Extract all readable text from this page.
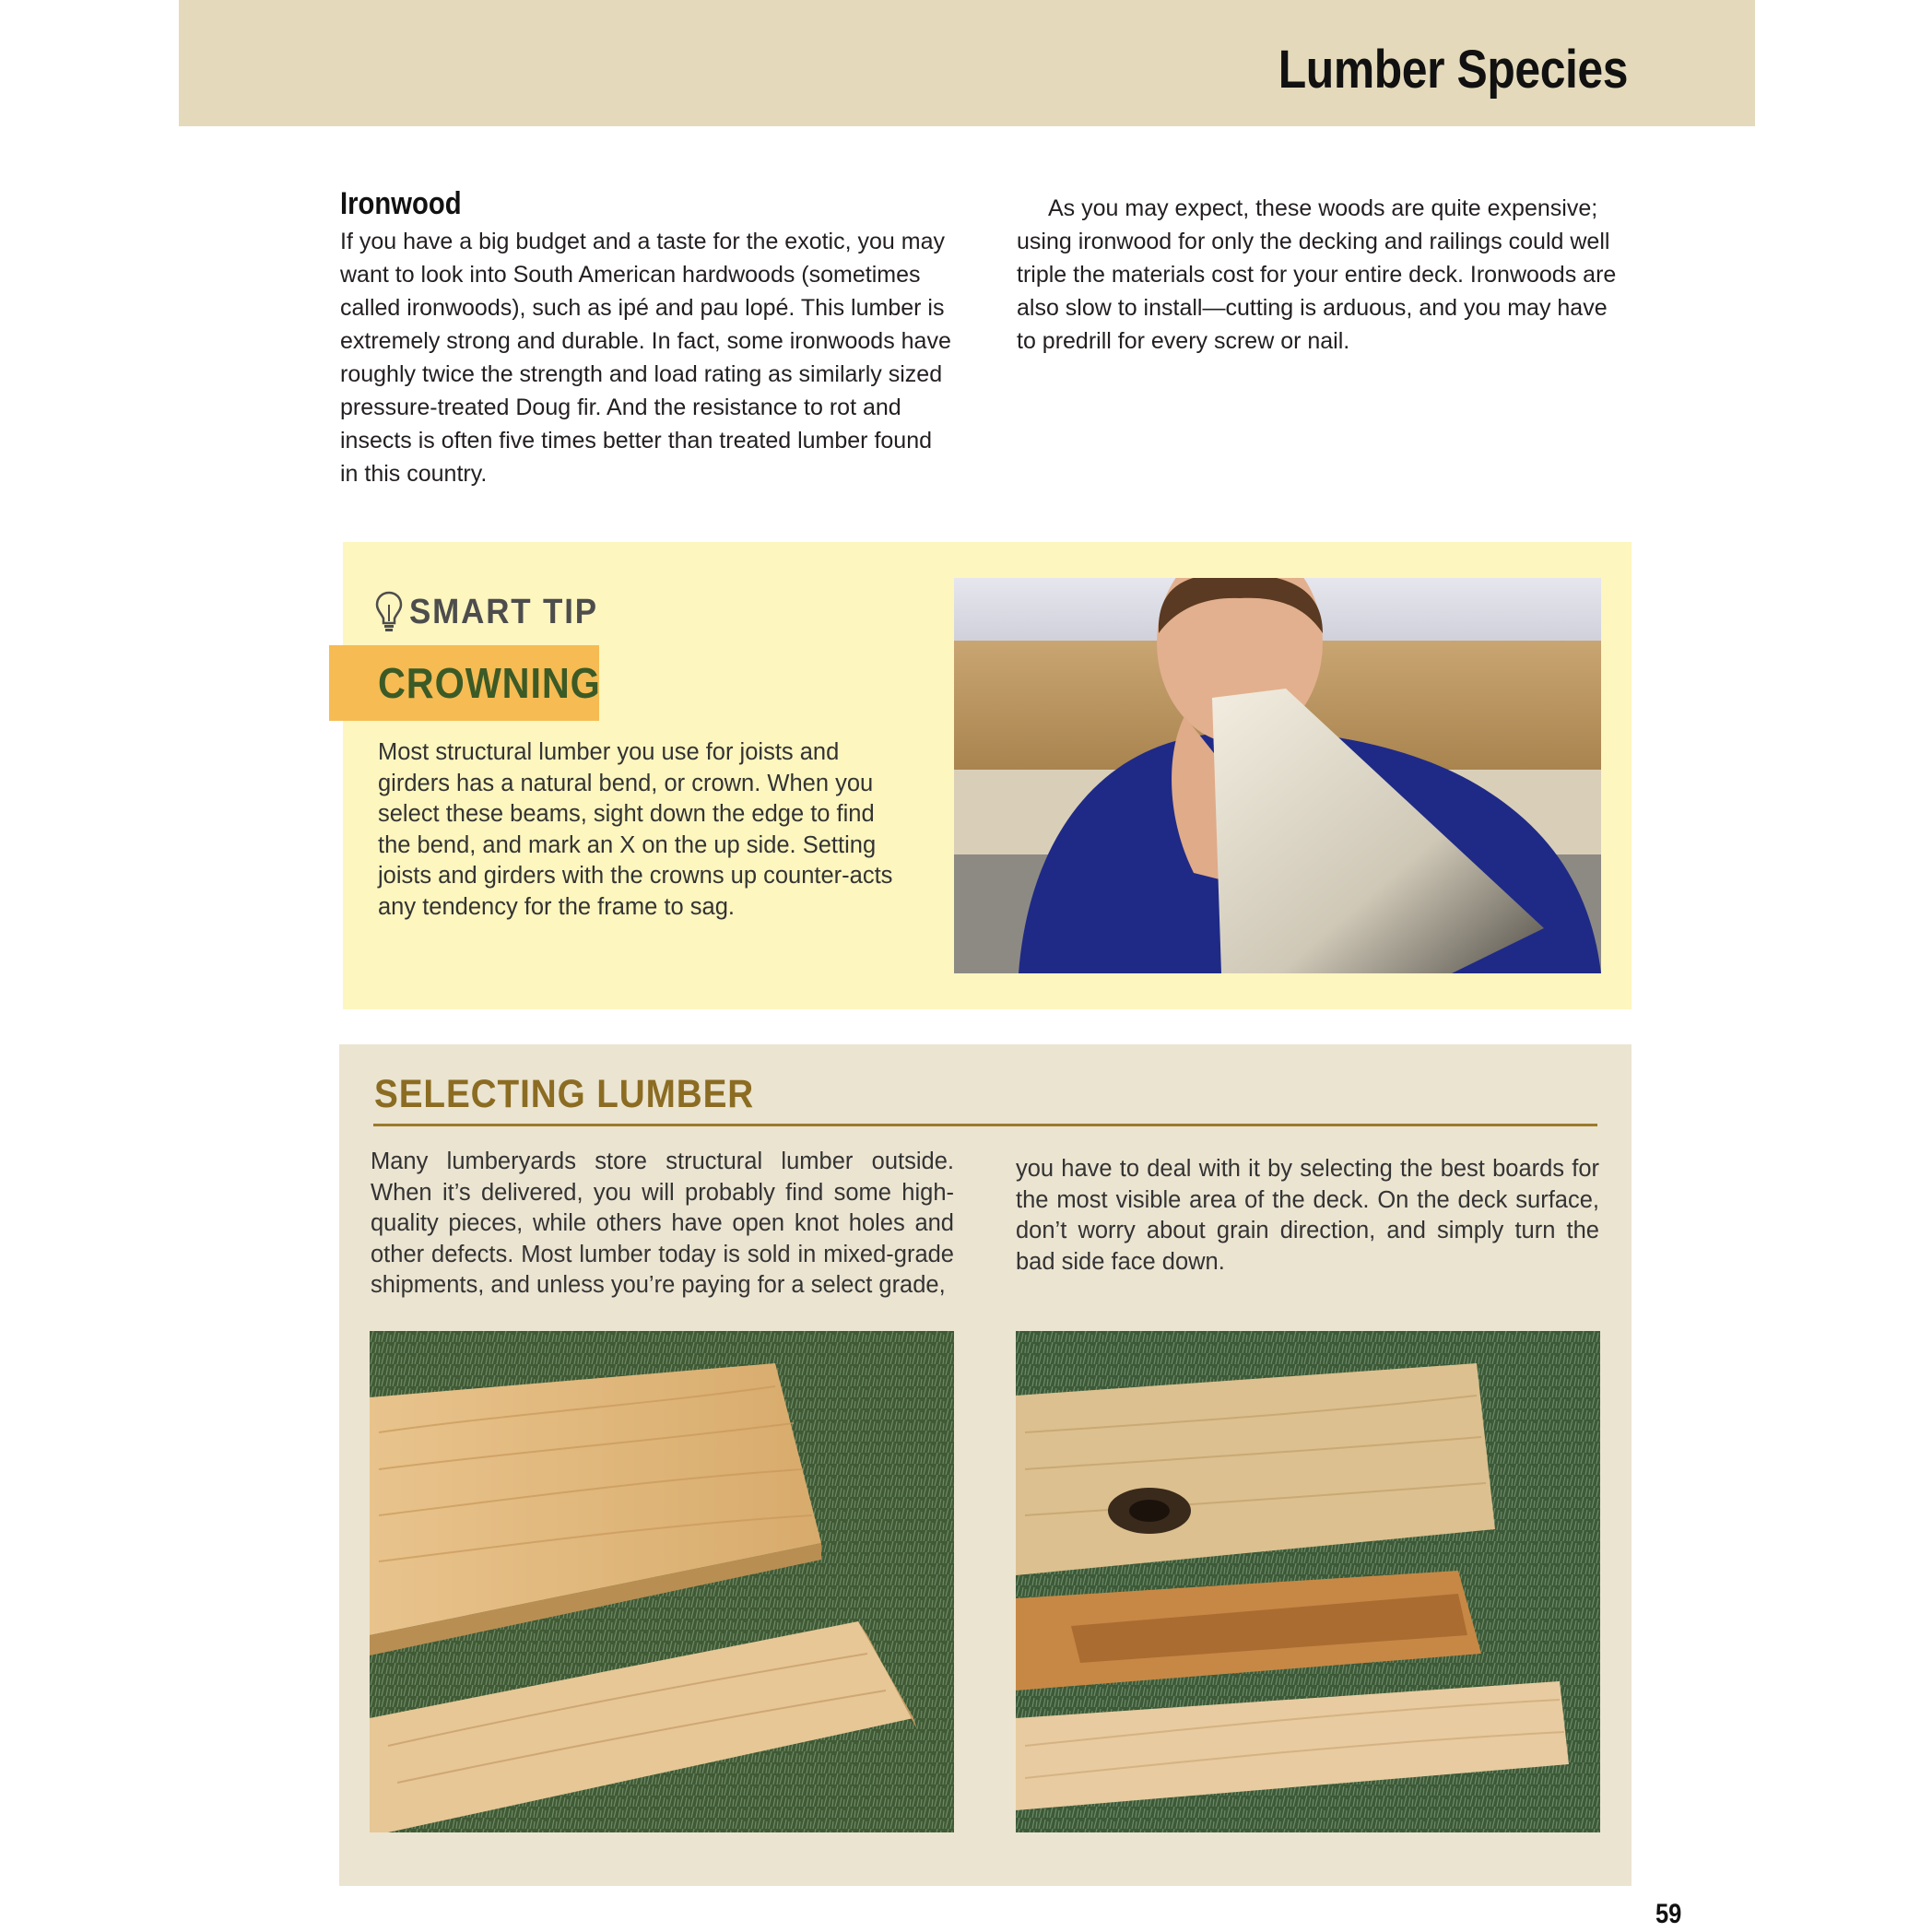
Lumber Species
Ironwood

If you have a big budget and a taste for the exotic, you may want to look into South American hardwoods (sometimes called ironwoods), such as ipé and pau lopé. This lumber is extremely strong and durable. In fact, some ironwoods have roughly twice the strength and load rating as similarly sized pressure-treated Doug fir. And the resistance to rot and insects is often five times better than treated lumber found in this country.

As you may expect, these woods are quite expensive; using ironwood for only the decking and railings could well triple the materials cost for your entire deck. Ironwoods are also slow to install—cutting is arduous, and you may have to predrill for every screw or nail.

SMART TIP
CROWNING
Most structural lumber you use for joists and girders has a natural bend, or crown. When you select these beams, sight down the edge to find the bend, and mark an X on the up side. Setting joists and girders with the crowns up counter-acts any tendency for the frame to sag.
SELECTING LUMBER
Many lumberyards store structural lumber outside. When it’s delivered, you will probably find some high-quality pieces, while others have open knot holes and other defects. Most lumber today is sold in mixed-grade shipments, and unless you’re paying for a select grade,
you have to deal with it by selecting the best boards for the most visible area of the deck. On the deck surface, don’t worry about grain direction, and simply turn the bad side face down.
59
